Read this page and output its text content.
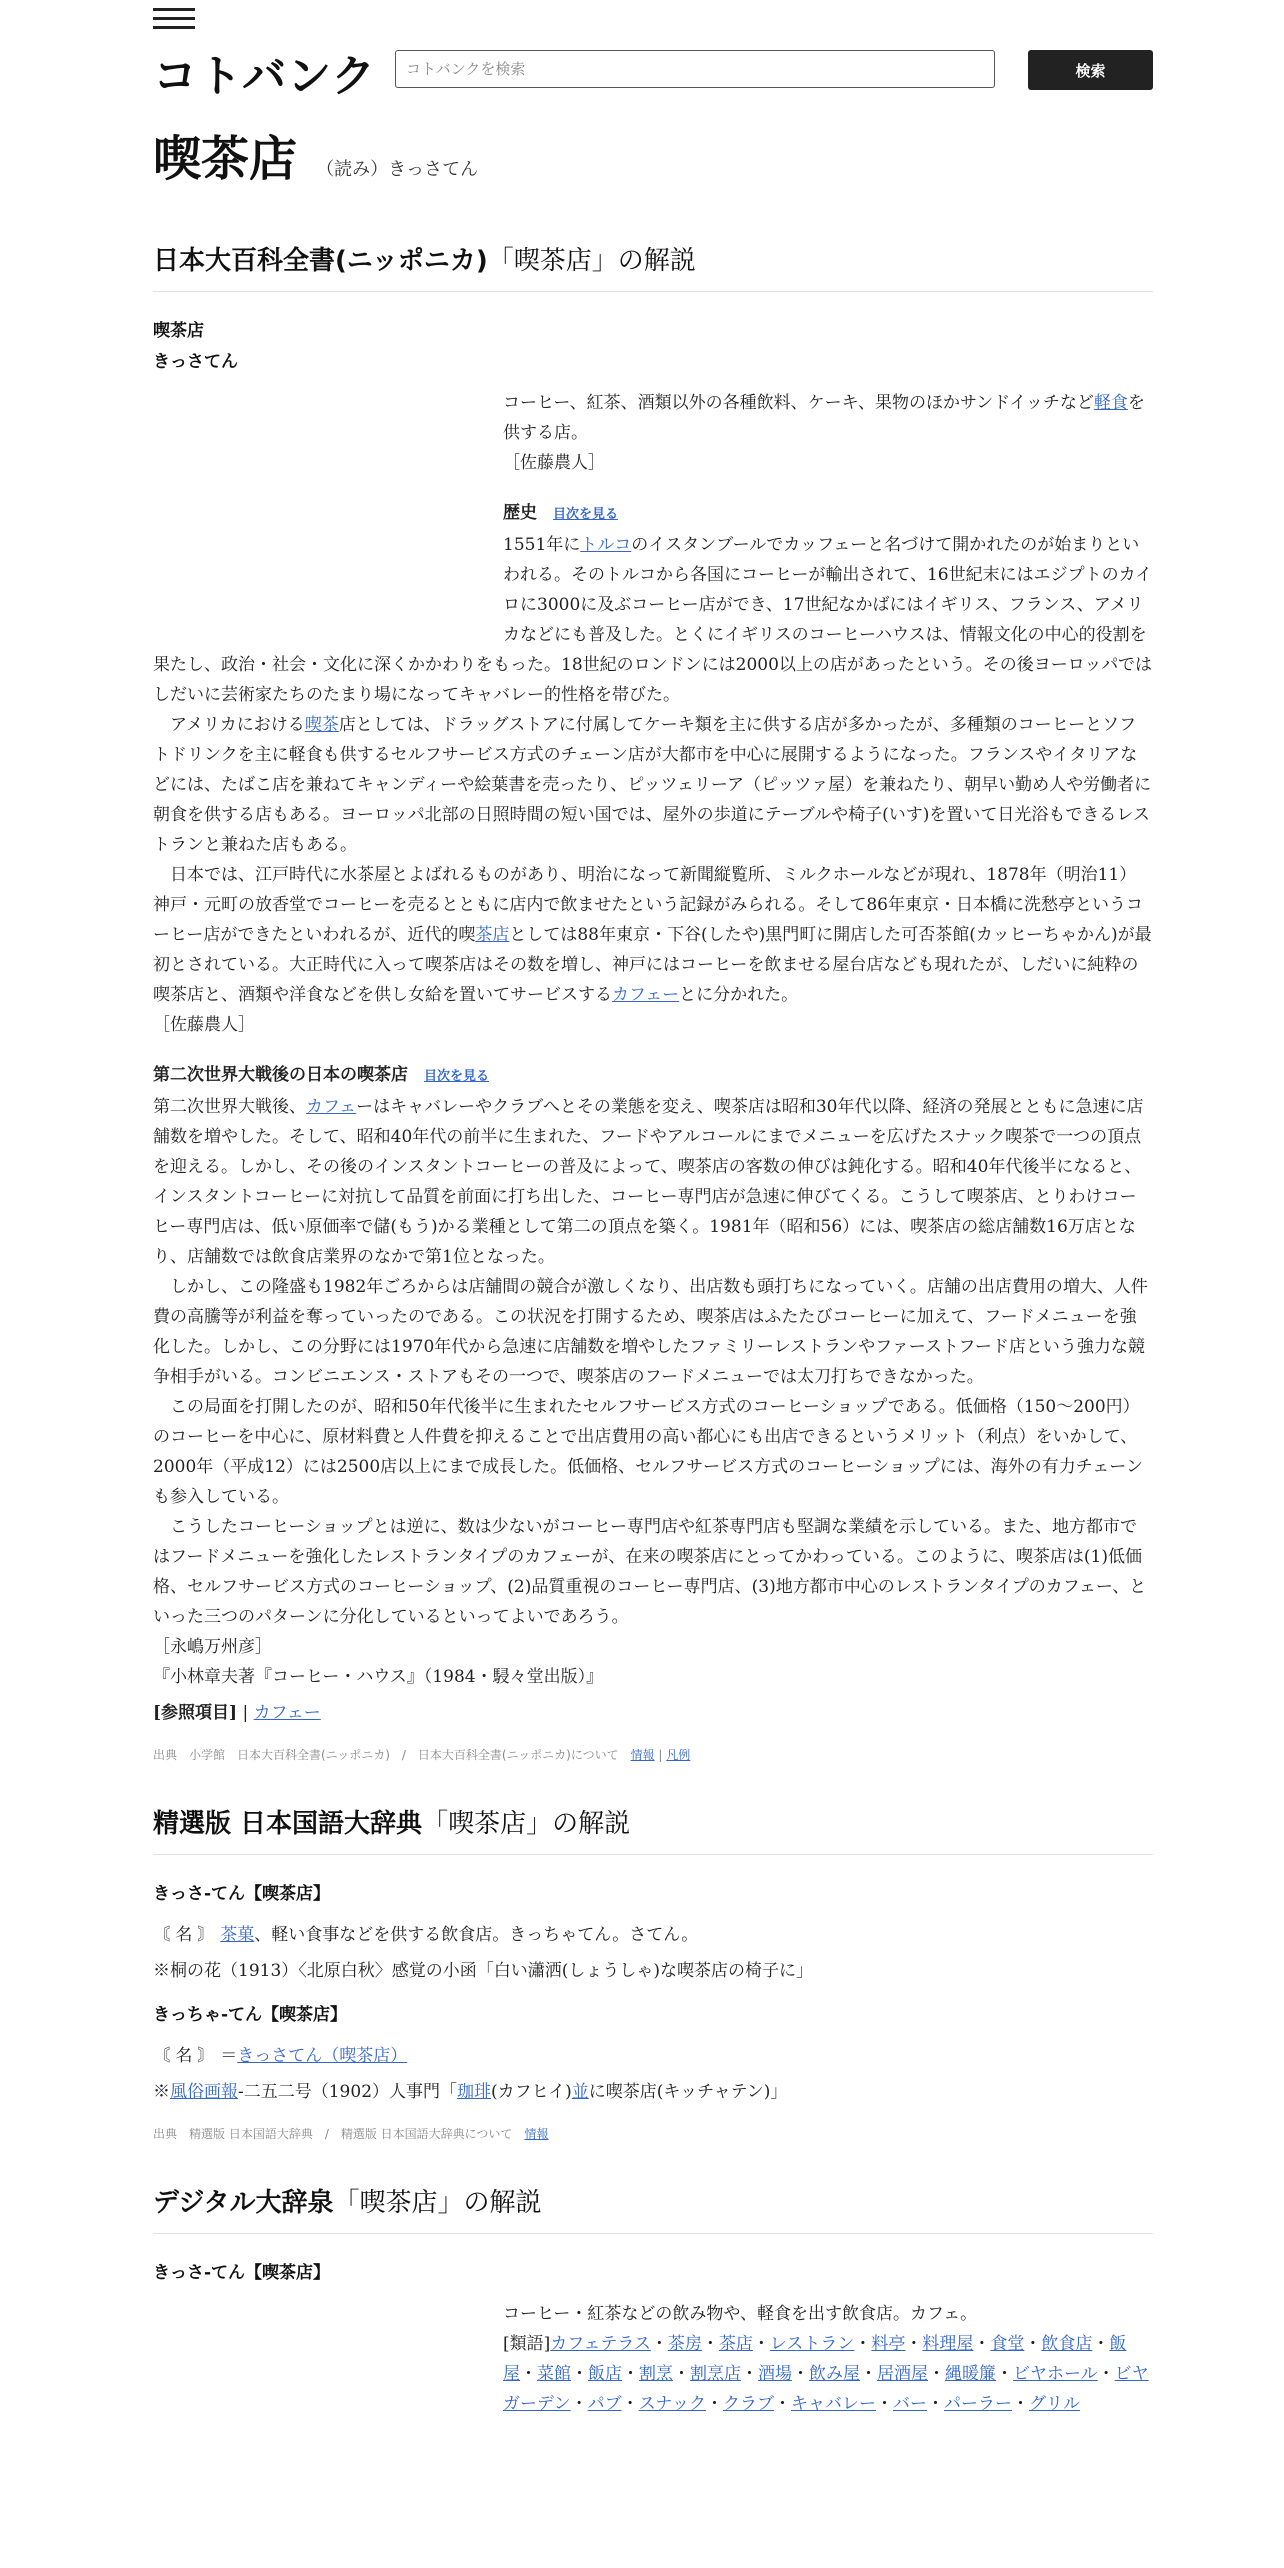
コトバンク
コトバンクを検索	検索
喫茶店 （読み）きっさてん
日本大百科全書(ニッポニカ)「喫茶店」の解説
喫茶店
きっさてん
コーヒー、紅茶、酒類以外の各種飲料、ケーキ、果物のほかサンドイッチなど軽食を供する店。
［佐藤農人］
歴史 目次を見る
1551年にトルコのイスタンブールでカッフェーと名づけて開かれたのが始まりといわれる。そのトルコから各国にコーヒーが輸出されて、16世紀末にはエジプトのカイロに3000に及ぶコーヒー店ができ、17世紀なかばにはイギリス、フランス、アメリカなどにも普及した。とくにイギリスのコーヒーハウスは、情報文化の中心的役割を果たし、政治・社会・文化に深くかかわりをもった。18世紀のロンドンには2000以上の店があったという。その後ヨーロッパではしだいに芸術家たちのたまり場になってキャバレー的性格を帯びた。

アメリカにおける喫茶店としては、ドラッグストアに付属してケーキ類を主に供する店が多かったが、多種類のコーヒーとソフトドリンクを主に軽食も供するセルフサービス方式のチェーン店が大都市を中心に展開するようになった。フランスやイタリアなどには、たばこ店を兼ねてキャンディーや絵葉書を売ったり、ピッツェリーア（ピッツァ屋）を兼ねたり、朝早い勤め人や労働者に朝食を供する店もある。ヨーロッパ北部の日照時間の短い国では、屋外の歩道にテーブルや椅子(いす)を置いて日光浴もできるレストランと兼ねた店もある。

日本では、江戸時代に水茶屋とよばれるものがあり、明治になって新聞縦覧所、ミルクホールなどが現れ、1878年（明治11）神戸・元町の放香堂でコーヒーを売るとともに店内で飲ませたという記録がみられる。そして86年東京・日本橋に洗愁亭というコーヒー店ができたといわれるが、近代的喫茶店としては88年東京・下谷(したや)黒門町に開店した可否茶館(カッヒーちゃかん)が最初とされている。大正時代に入って喫茶店はその数を増し、神戸にはコーヒーを飲ませる屋台店なども現れたが、しだいに純粋の喫茶店と、酒類や洋食などを供し女給を置いてサービスするカフェーとに分かれた。

［佐藤農人］
第二次世界大戦後の日本の喫茶店 目次を見る
第二次世界大戦後、カフェーはキャバレーやクラブへとその業態を変え、喫茶店は昭和30年代以降、経済の発展とともに急速に店舗数を増やした。そして、昭和40年代の前半に生まれた、フードやアルコールにまでメニューを広げたスナック喫茶で一つの頂点を迎える。しかし、その後のインスタントコーヒーの普及によって、喫茶店の客数の伸びは鈍化する。昭和40年代後半になると、インスタントコーヒーに対抗して品質を前面に打ち出した、コーヒー専門店が急速に伸びてくる。こうして喫茶店、とりわけコーヒー専門店は、低い原価率で儲(もう)かる業種として第二の頂点を築く。1981年（昭和56）には、喫茶店の総店舗数16万店となり、店舗数では飲食店業界のなかで第1位となった。

しかし、この隆盛も1982年ごろからは店舗間の競合が激しくなり、出店数も頭打ちになっていく。店舗の出店費用の増大、人件費の高騰等が利益を奪っていったのである。この状況を打開するため、喫茶店はふたたびコーヒーに加えて、フードメニューを強化した。しかし、この分野には1970年代から急速に店舗数を増やしたファミリーレストランやファーストフード店という強力な競争相手がいる。コンビニエンス・ストアもその一つで、喫茶店のフードメニューでは太刀打ちできなかった。

この局面を打開したのが、昭和50年代後半に生まれたセルフサービス方式のコーヒーショップである。低価格（150～200円）のコーヒーを中心に、原材料費と人件費を抑えることで出店費用の高い都心にも出店できるというメリット（利点）をいかして、2000年（平成12）には2500店以上にまで成長した。低価格、セルフサービス方式のコーヒーショップには、海外の有力チェーンも参入している。

こうしたコーヒーショップとは逆に、数は少ないがコーヒー専門店や紅茶専門店も堅調な業績を示している。また、地方都市ではフードメニューを強化したレストランタイプのカフェーが、在来の喫茶店にとってかわっている。このように、喫茶店は(1)低価格、セルフサービス方式のコーヒーショップ、(2)品質重視のコーヒー専門店、(3)地方都市中心のレストランタイプのカフェー、といった三つのパターンに分化しているといってよいであろう。

［永嶋万州彦］
『小林章夫著『コーヒー・ハウス』（1984・駸々堂出版）』
[参照項目] | カフェー
出典　小学館　日本大百科全書(ニッポニカ)　/　日本大百科全書(ニッポニカ)について　情報 | 凡例
精選版 日本国語大辞典「喫茶店」の解説
きっさ‐てん【喫茶店】
〘 名 〙 茶菓、軽い食事などを供する飲食店。きっちゃてん。さてん。
※桐の花（1913）〈北原白秋〉感覚の小函「白い瀟洒(しょうしゃ)な喫茶店の椅子に」
きっちゃ‐てん【喫茶店】
〘 名 〙 ＝きっさてん（喫茶店）
※風俗画報‐二五二号（1902）人事門「珈琲(カフヒイ)並に喫茶店(キッチャテン)」
出典　精選版 日本国語大辞典　/　精選版 日本国語大辞典について　情報
デジタル大辞泉「喫茶店」の解説
きっさ‐てん【喫茶店】
コーヒー・紅茶などの飲み物や、軽食を出す飲食店。カフェ。
[類語]カフェテラス・茶房・茶店・レストラン・料亭・料理屋・食堂・飲食店・飯屋・菜館・飯店・割烹・割烹店・酒場・飲み屋・居酒屋・縄暖簾・ビヤホール・ビヤガーデン・パブ・スナック・クラブ・キャバレー・バー・パーラー・グリル
